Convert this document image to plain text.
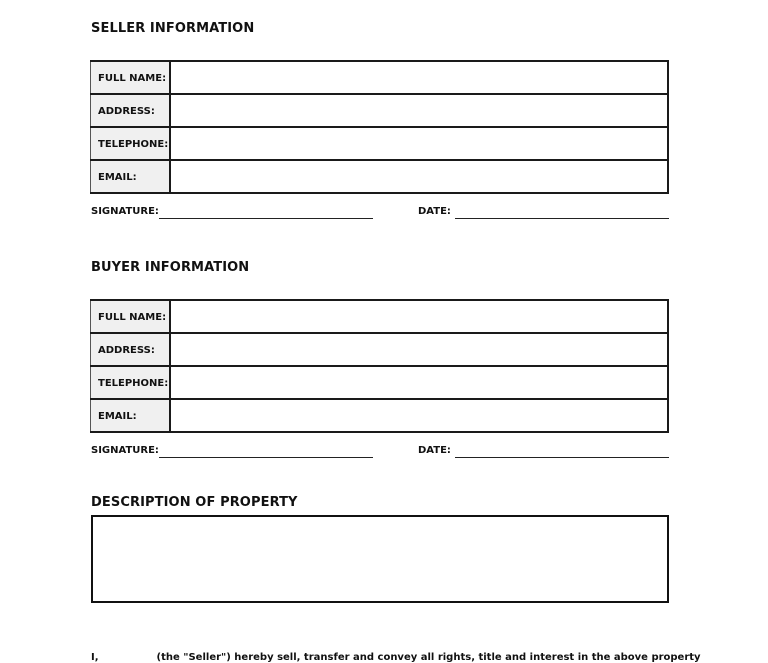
SELLER INFORMATION
FULL NAME:	
ADDRESS:	
TELEPHONE:	
EMAIL:	
SIGNATURE:	DATE:
BUYER INFORMATION
FULL NAME:	
ADDRESS:	
TELEPHONE:	
EMAIL:	
SIGNATURE:	DATE:
DESCRIPTION OF PROPERTY
I,	(the "Seller") hereby sell, transfer and convey all rights, title and interest in the above property
